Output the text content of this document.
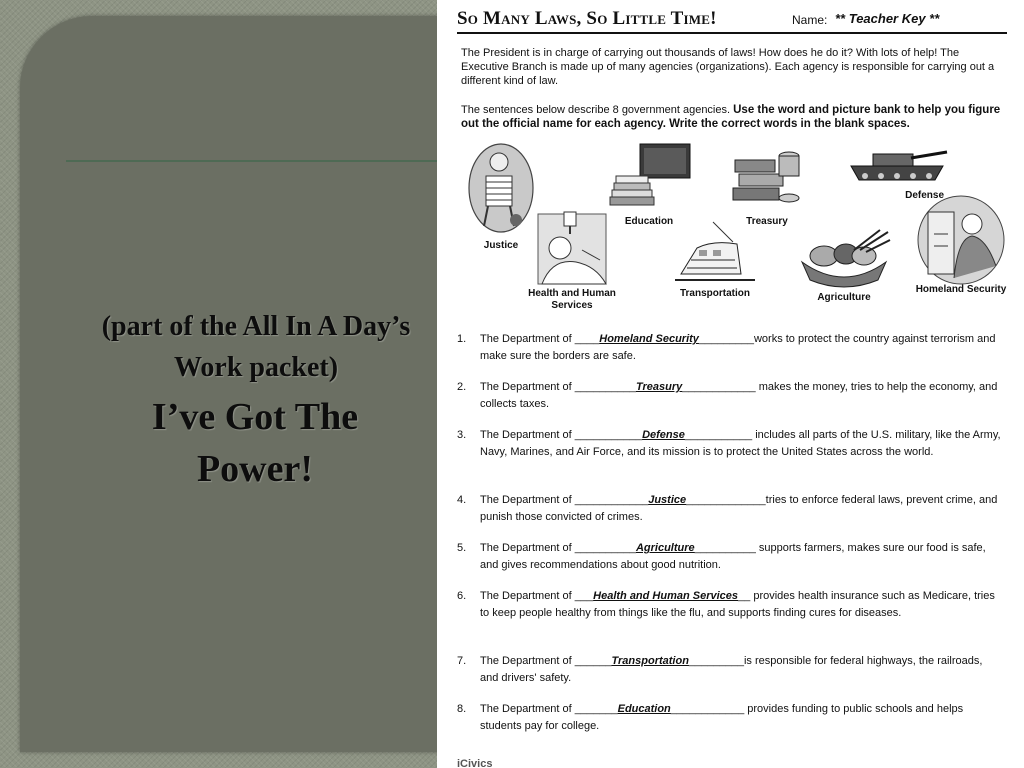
(part of the All In A Day’s Work packet)
I’ve Got The Power!
So Many Laws, So Little Time!	Name: ** Teacher Key **

The President is in charge of carrying out thousands of laws! How does he do it? With lots of help! The Executive Branch is made up of many agencies (organizations). Each agency is responsible for carrying out a different kind of law.

The sentences below describe 8 government agencies. Use the word and picture bank to help you figure out the official name for each agency. Write the correct words in the blank spaces.

Justice
Education	Treasury
Defense
Health and Human Services
Transportation	Agriculture
Homeland Security
1. The Department of ____Homeland Security_________works to protect the country against terrorism and make sure the borders are safe.
2. The Department of __________Treasury____________ makes the money, tries to help the economy, and collects taxes.
3. The Department of ___________Defense___________ includes all parts of the U.S. military, like the Army, Navy, Marines, and Air Force, and its mission is to protect the United States across the world.
4. The Department of ____________Justice_____________tries to enforce federal laws, prevent crime, and punish those convicted of crimes.
5. The Department of __________Agriculture__________ supports farmers, makes sure our food is safe, and gives recommendations about good nutrition.
6. The Department of ___Health and Human Services__ provides health insurance such as Medicare, tries to keep people healthy from things like the flu, and supports finding cures for diseases.
7. The Department of ______Transportation_________is responsible for federal highways, the railroads, and drivers' safety.
8. The Department of _______Education____________ provides funding to public schools and helps students pay for college.
iCivics
